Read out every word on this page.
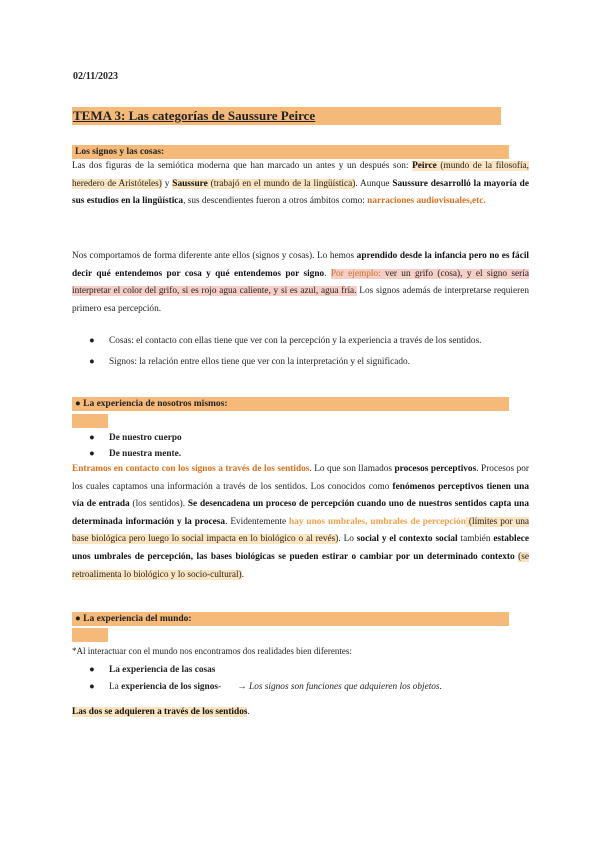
02/11/2023
TEMA 3: Las categorías de Saussure Peirce
Los signos y las cosas:
Las dos figuras de la semiótica moderna que han marcado un antes y un después son: Peirce (mundo de la filosofía, heredero de Aristóteles) y Saussure (trabajó en el mundo de la lingüística). Aunque Saussure desarrolló la mayoría de sus estudios en la lingüística, sus descendientes fueron a otros ámbitos como: narraciones audiovisuales,etc.
Nos comportamos de forma diferente ante ellos (signos y cosas). Lo hemos aprendido desde la infancia pero no es fácil decir qué entendemos por cosa y qué entendemos por signo. Por ejemplo: ver un grifo (cosa), y el signo sería interpretar el color del grifo, si es rojo agua caliente, y si es azul, agua fría. Los signos además de interpretarse requieren primero esa percepción.
● Cosas: el contacto con ellas tiene que ver con la percepción y la experiencia a través de los sentidos.
● Signos: la relación entre ellos tiene que ver con la interpretación y el significado.
● La experiencia de nosotros mismos:
● De nuestro cuerpo
● De nuestra mente.
Entramos en contacto con los signos a través de los sentidos. Lo que son llamados procesos perceptivos. Procesos por los cuales captamos una información a través de los sentidos. Los conocidos como fenómenos perceptivos tienen una vía de entrada (los sentidos). Se desencadena un proceso de percepción cuando uno de nuestros sentidos capta una determinada información y la procesa. Evidentemente hay unos umbrales, umbrales de percepción (límites por una base biológica pero luego lo social impacta en lo biológico o al revés). Lo social y el contexto social también establece unos umbrales de percepción, las bases biológicas se pueden estirar o cambiar por un determinado contexto (se retroalimenta lo biológico y lo socio-cultural).
● La experiencia del mundo:
*Al interactuar con el mundo nos encontramos dos realidades bien diferentes:
● La experiencia de las cosas
● La experiencia de los signos- → Los signos son funciones que adquieren los objetos.
Las dos se adquieren a través de los sentidos.
